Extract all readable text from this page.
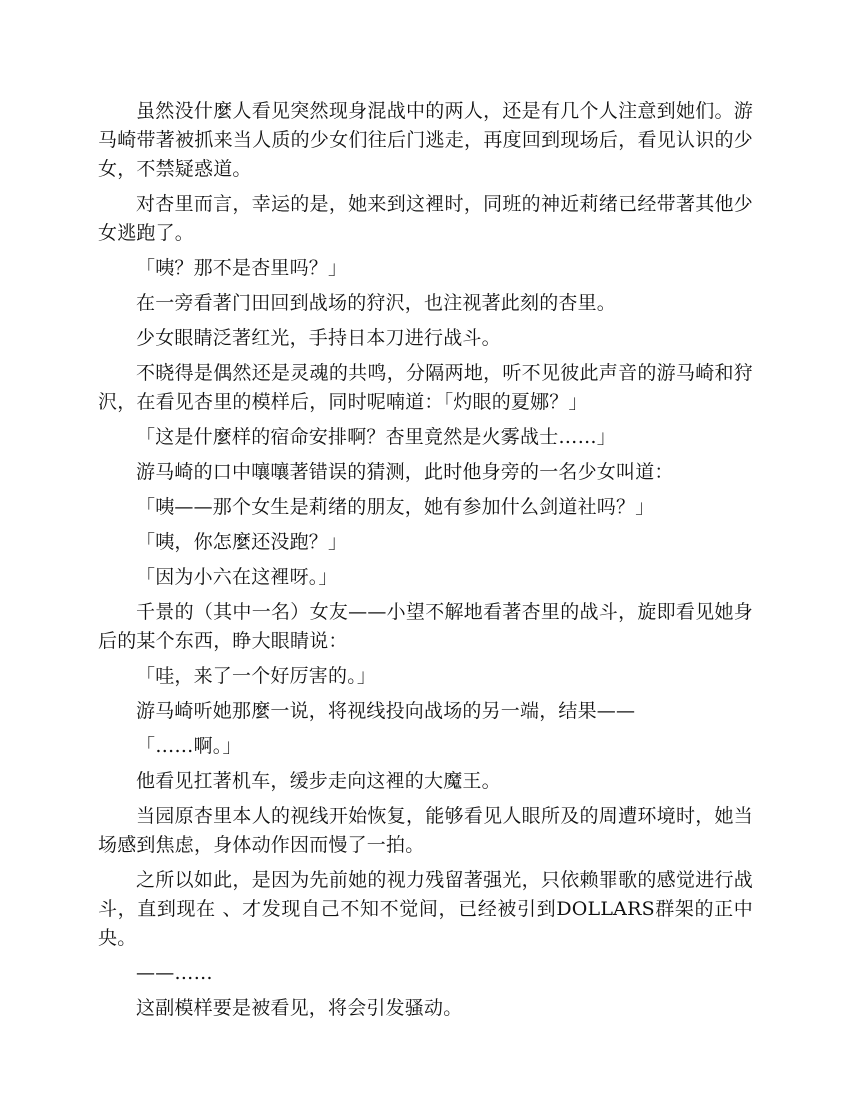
虽然没什麼人看见突然现身混战中的两人，还是有几个人注意到她们。游马崎带著被抓来当人质的少女们往后门逃走，再度回到现场后，看见认识的少女，不禁疑惑道。

对杏里而言，幸运的是，她来到这裡时，同班的神近莉绪已经带著其他少女逃跑了。

「咦？那不是杏里吗？」

在一旁看著门田回到战场的狩沢，也注视著此刻的杏里。

少女眼睛泛著红光，手持日本刀进行战斗。

不晓得是偶然还是灵魂的共鸣，分隔两地，听不见彼此声音的游马崎和狩沢，在看见杏里的模样后，同时呢喃道：「灼眼的夏娜？」

「这是什麼样的宿命安排啊？杏里竟然是火雾战士……」

游马崎的口中嚷嚷著错误的猜测，此时他身旁的一名少女叫道：

「咦——那个女生是莉绪的朋友，她有参加什么剑道社吗？」

「咦，你怎麼还没跑？」

「因为小六在这裡呀。」

千景的（其中一名）女友——小望不解地看著杏里的战斗，旋即看见她身后的某个东西，睁大眼睛说：

「哇，来了一个好厉害的。」

游马崎听她那麼一说，将视线投向战场的另一端，结果——

「……啊。」

他看见扛著机车，缓步走向这裡的大魔王。

当园原杏里本人的视线开始恢复，能够看见人眼所及的周遭环境时，她当场感到焦虑，身体动作因而慢了一拍。

之所以如此，是因为先前她的视力残留著强光，只依赖罪歌的感觉进行战斗，直到现在 、才发现自己不知不觉间，已经被引到DOLLARS群架的正中央。

——……

这副模样要是被看见，将会引发骚动。
